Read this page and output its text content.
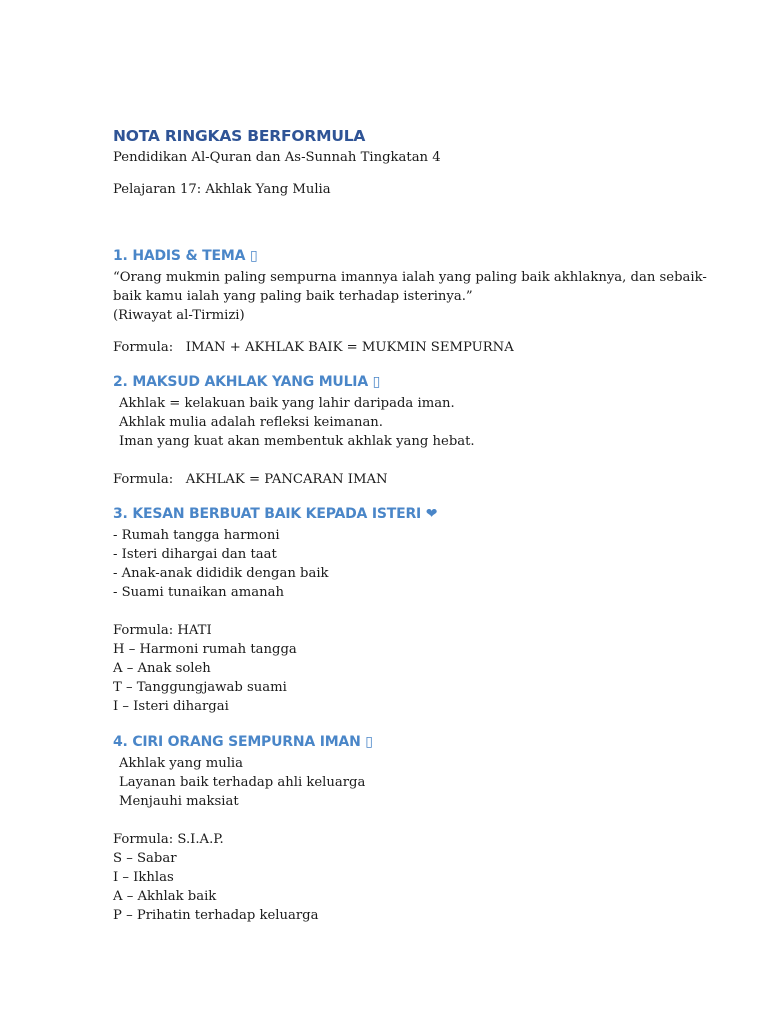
NOTA RINGKAS BERFORMULA
Pendidikan Al-Quran dan As-Sunnah Tingkatan 4
Pelajaran 17: Akhlak Yang Mulia
1. HADIS & TEMA ▯
“Orang mukmin paling sempurna imannya ialah yang paling baik akhlaknya, dan sebaik-
baik kamu ialah yang paling baik terhadap isterinya.”
(Riwayat al-Tirmizi)
Formula:   IMAN + AKHLAK BAIK = MUKMIN SEMPURNA
2. MAKSUD AKHLAK YANG MULIA ▯
Akhlak = kelakuan baik yang lahir daripada iman.
Akhlak mulia adalah refleksi keimanan.
Iman yang kuat akan membentuk akhlak yang hebat.
Formula:   AKHLAK = PANCARAN IMAN
3. KESAN BERBUAT BAIK KEPADA ISTERI ❤
- Rumah tangga harmoni
- Isteri dihargai dan taat
- Anak-anak dididik dengan baik
- Suami tunaikan amanah
Formula: HATI
H – Harmoni rumah tangga
A – Anak soleh
T – Tanggungjawab suami
I – Isteri dihargai
4. CIRI ORANG SEMPURNA IMAN ▯
Akhlak yang mulia
Layanan baik terhadap ahli keluarga
Menjauhi maksiat
Formula: S.I.A.P.
S – Sabar
I – Ikhlas
A – Akhlak baik
P – Prihatin terhadap keluarga
